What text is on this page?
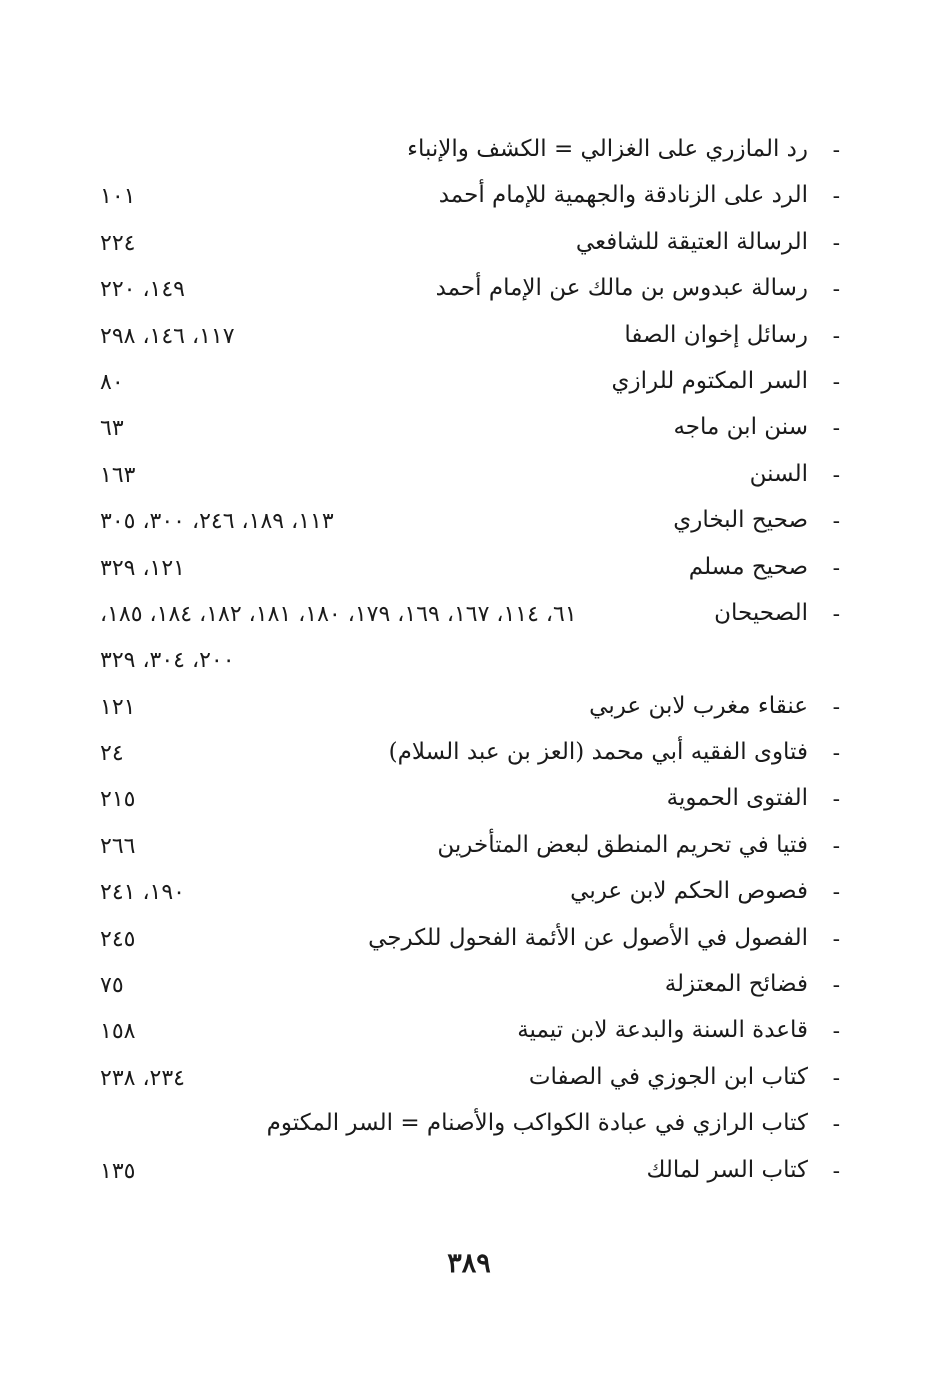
-
رد المازري على الغزالي = الكشف والإنباء
-
الرد على الزنادقة والجهمية للإمام أحمد
١٠١
-
الرسالة العتيقة للشافعي
٢٢٤
-
رسالة عبدوس بن مالك عن الإمام أحمد
١٤٩، ٢٢٠
-
رسائل إخوان الصفا
١١٧، ١٤٦، ٢٩٨
-
السر المكتوم للرازي
٨٠
-
سنن ابن ماجه
٦٣
-
السنن
١٦٣
-
صحيح البخاري
١١٣، ١٨٩، ٢٤٦، ٣٠٠، ٣٠٥
-
صحيح مسلم
١٢١، ٣٢٩
-
الصحيحان
٦١، ١١٤، ١٦٧، ١٦٩، ١٧٩، ١٨٠، ١٨١، ١٨٢، ١٨٤، ١٨٥،
٢٠٠، ٣٠٤، ٣٢٩
-
عنقاء مغرب لابن عربي
١٢١
-
فتاوى الفقيه أبي محمد (العز بن عبد السلام)
٢٤
-
الفتوى الحموية
٢١٥
-
فتيا في تحريم المنطق لبعض المتأخرين
٢٦٦
-
فصوص الحكم لابن عربي
١٩٠، ٢٤١
-
الفصول في الأصول عن الأئمة الفحول للكرجي
٢٤٥
-
فضائح المعتزلة
٧٥
-
قاعدة السنة والبدعة لابن تيمية
١٥٨
-
كتاب ابن الجوزي في الصفات
٢٣٤، ٢٣٨
-
كتاب الرازي في عبادة الكواكب والأصنام = السر المكتوم
-
كتاب السر لمالك
١٣٥
٣٨٩
